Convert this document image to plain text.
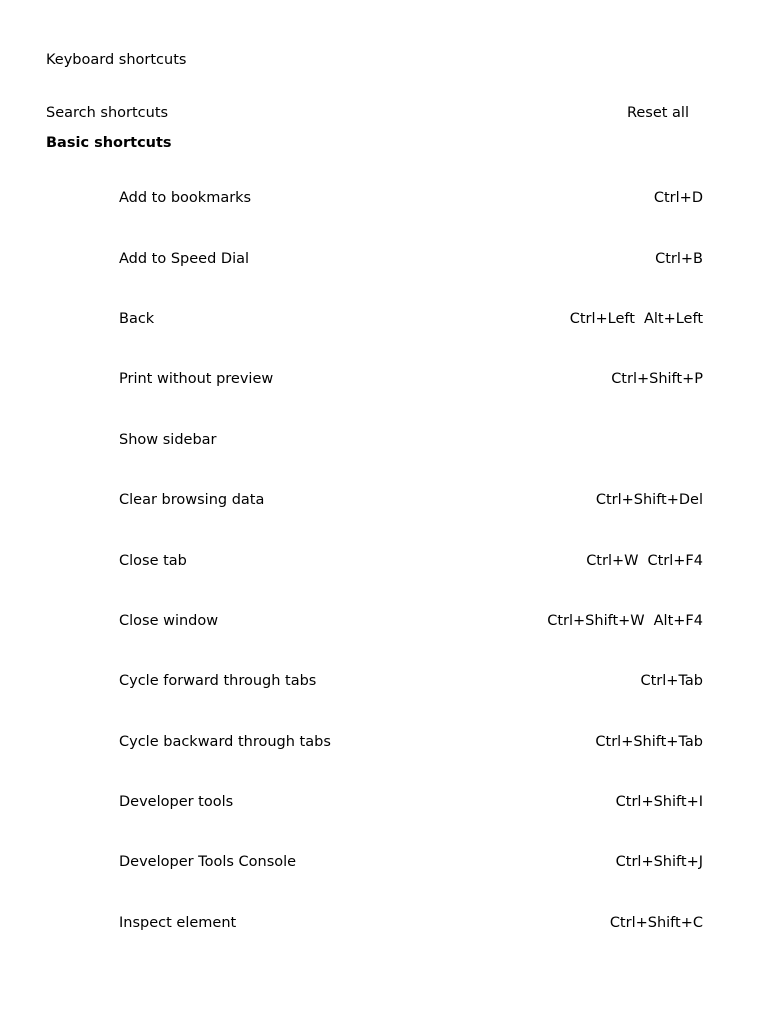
Keyboard shortcuts
Search shortcuts	Reset all
Basic shortcuts
Add to bookmarks	Ctrl+D
Add to Speed Dial	Ctrl+B
Back	Ctrl+Left Alt+Left
Print without preview	Ctrl+Shift+P
Show sidebar
Clear browsing data	Ctrl+Shift+Del
Close tab	Ctrl+W Ctrl+F4
Close window	Ctrl+Shift+W Alt+F4
Cycle forward through tabs	Ctrl+Tab
Cycle backward through tabs	Ctrl+Shift+Tab
Developer tools	Ctrl+Shift+I
Developer Tools Console	Ctrl+Shift+J
Inspect element	Ctrl+Shift+C
